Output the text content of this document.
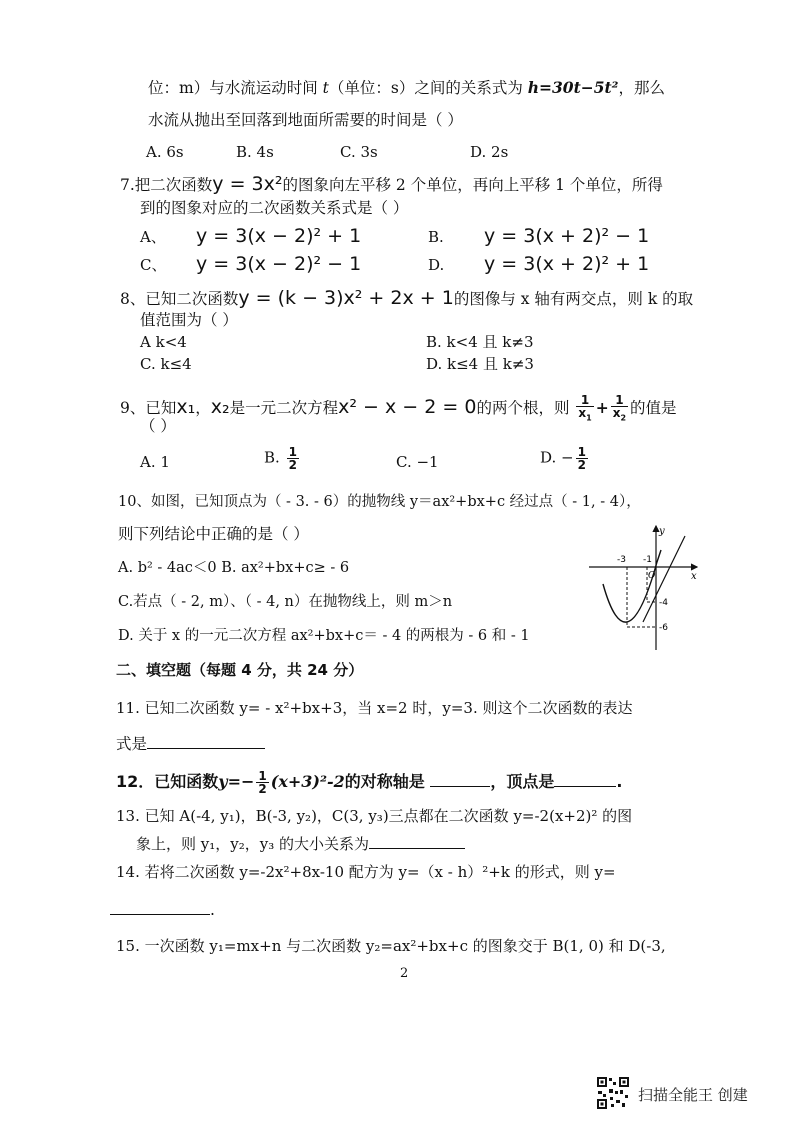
位：m）与水流运动时间 t（单位：s）之间的关系式为 h=30t−5t²，那么
水流从抛出至回落到地面所需要的时间是（ ）
A. 6s	B. 4s	C. 3s	D. 2s
7.把二次函数y = 3x²的图象向左平移 2 个单位，再向上平移 1 个单位，所得
到的图象对应的二次函数关系式是（ ）
A、 y = 3(x − 2)² + 1	B. y = 3(x + 2)² − 1
C、 y = 3(x − 2)² − 1	D. y = 3(x + 2)² + 1
8、已知二次函数y = (k − 3)x² + 2x + 1的图像与 x 轴有两交点，则 k 的取
值范围为（ ）
A k<4	B. k<4 且 k≠3
C. k≤4	D. k≤4 且 k≠3
9、已知x₁，x₂是一元二次方程x² − x − 2 = 0的两个根，则 $\frac{1}{x_1} + \frac{1}{x_2}$ 的值是
（ ）
A. 1	B. $\frac{1}{2}$	C. −1	D. − $\frac{1}{2}$
10、如图，已知顶点为（ - 3. - 6）的抛物线 y＝ax²+bx+c 经过点（ - 1, - 4），
则下列结论中正确的是（ ）
A. b² - 4ac＜0 B. ax²+bx+c≥ - 6
C.若点（ - 2, m）、（ - 4, n）在抛物线上，则 m＞n
D. 关于 x 的一元二次方程 ax²+bx+c＝ - 4 的两根为 - 6 和 - 1
y
x
-3 -1
O
-4
-6
二、填空题（每题 4 分，共 24 分）
11. 已知二次函数 y= - x²+bx+3，当 x=2 时，y=3. 则这个二次函数的表达
式是
12．已知函数$y=- \frac{1}{2} (x+3)^2-2$的对称轴是	，顶点是	.
13. 已知 A(-4, y₁)，B(-3, y₂)，C(3, y₃)三点都在二次函数 y=-2(x+2)² 的图
象上，则 y₁，y₂，y₃ 的大小关系为
14. 若将二次函数 y=-2x²+8x-10 配方为 y=（x - h）²+k 的形式，则 y=
.
15. 一次函数 y₁=mx+n 与二次函数 y₂=ax²+bx+c 的图象交于 B(1, 0) 和 D(-3,
2
扫描全能王 创建
